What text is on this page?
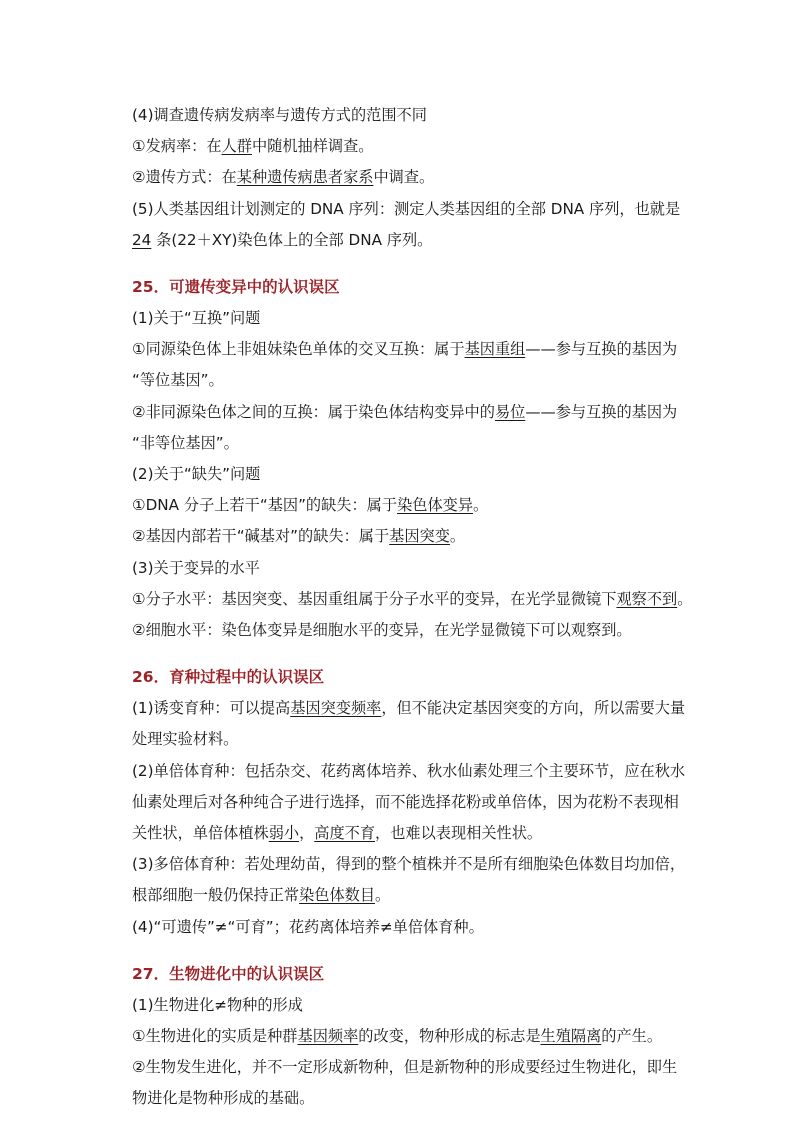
(4)调查遗传病发病率与遗传方式的范围不同
①发病率：在人群中随机抽样调查。
②遗传方式：在某种遗传病患者家系中调查。
(5)人类基因组计划测定的 DNA 序列：测定人类基因组的全部 DNA 序列，也就是
24 条(22＋XY)染色体上的全部 DNA 序列。
25．可遗传变异中的认识误区
(1)关于“互换”问题
①同源染色体上非姐妹染色单体的交叉互换：属于基因重组——参与互换的基因为
“等位基因”。
②非同源染色体之间的互换：属于染色体结构变异中的易位——参与互换的基因为
“非等位基因”。
(2)关于“缺失”问题
①DNA 分子上若干“基因”的缺失：属于染色体变异。
②基因内部若干“碱基对”的缺失：属于基因突变。
(3)关于变异的水平
①分子水平：基因突变、基因重组属于分子水平的变异，在光学显微镜下观察不到。
②细胞水平：染色体变异是细胞水平的变异，在光学显微镜下可以观察到。
26．育种过程中的认识误区
(1)诱变育种：可以提高基因突变频率，但不能决定基因突变的方向，所以需要大量
处理实验材料。
(2)单倍体育种：包括杂交、花药离体培养、秋水仙素处理三个主要环节，应在秋水
仙素处理后对各种纯合子进行选择，而不能选择花粉或单倍体，因为花粉不表现相
关性状，单倍体植株弱小，高度不育，也难以表现相关性状。
(3)多倍体育种：若处理幼苗，得到的整个植株并不是所有细胞染色体数目均加倍，
根部细胞一般仍保持正常染色体数目。
(4)“可遗传”≠“可育”；花药离体培养≠单倍体育种。
27．生物进化中的认识误区
(1)生物进化≠物种的形成
①生物进化的实质是种群基因频率的改变，物种形成的标志是生殖隔离的产生。
②生物发生进化，并不一定形成新物种，但是新物种的形成要经过生物进化，即生
物进化是物种形成的基础。
